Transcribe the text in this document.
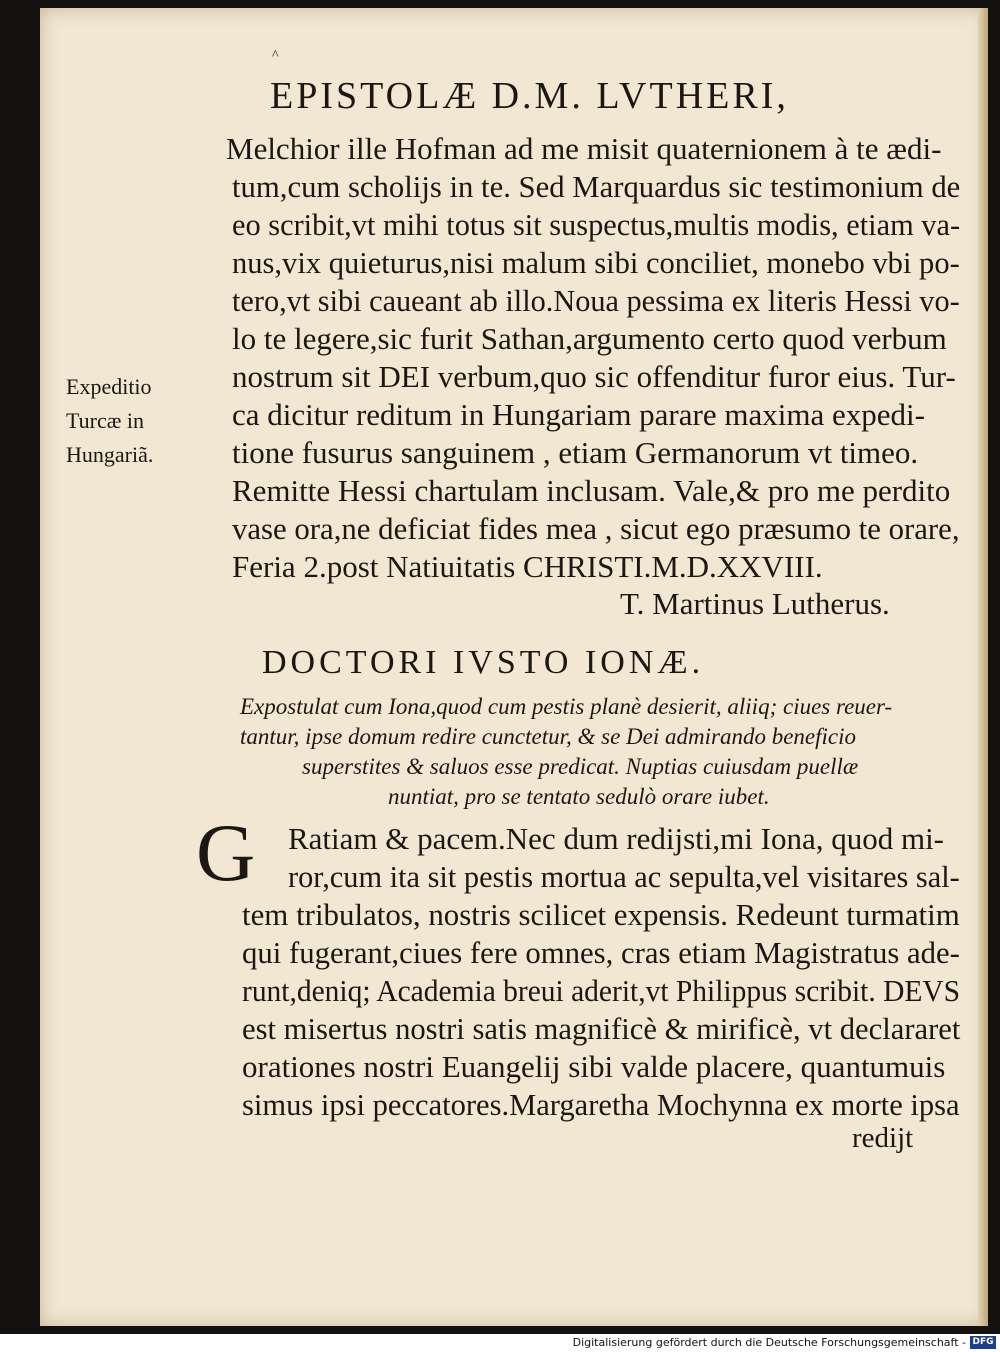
^
EPISTOLÆ D.M. LVTHERI,

Melchior ille Hofman ad me misit quaternionem à te ædi-

tum,cum scholijs in te. Sed Marquardus sic testimonium de

eo scribit,vt mihi totus sit suspectus,multis modis, etiam va-

nus,vix quieturus,nisi malum sibi conciliet, monebo vbi po-

tero,vt sibi caueant ab illo.Noua pessima ex literis Hessi vo-

lo te legere,sic furit Sathan,argumento certo quod verbum

nostrum sit DEI verbum,quo sic offenditur furor eius. Tur-

ca dicitur reditum in Hungariam parare maxima expedi-

tione fusurus sanguinem , etiam Germanorum vt timeo.

Remitte Hessi chartulam inclusam. Vale,& pro me perdito

vase ora,ne deficiat fides mea , sicut ego præsumo te orare,

Feria 2.post Natiuitatis CHRISTI.M.D.XXVIII.

T. Martinus Lutherus.

Expeditio
Turcæ in
Hungariã.

DOCTORI IVSTO IONÆ.

Expostulat cum Iona,quod cum pestis planè desierit, aliiq; ciues reuer-

tantur, ipse domum redire cunctetur, & se Dei admirando beneficio

superstites & saluos esse predicat. Nuptias cuiusdam puellæ

nuntiat, pro se tentato sedulò orare iubet.

G Ratiam & pacem.Nec dum redijsti,mi Iona, quod mi-

ror,cum ita sit pestis mortua ac sepulta,vel visitares sal-

tem tribulatos, nostris scilicet expensis. Redeunt turmatim

qui fugerant,ciues fere omnes, cras etiam Magistratus ade-

runt,deniq; Academia breui aderit,vt Philippus scribit. DEVS

est misertus nostri satis magnificè & mirificè, vt declararet

orationes nostri Euangelij sibi valde placere, quantumuis

simus ipsi peccatores.Margaretha Mochynna ex morte ipsa

redijt

Digitalisierung gefördert durch die Deutsche Forschungsgemeinschaft - DFG
